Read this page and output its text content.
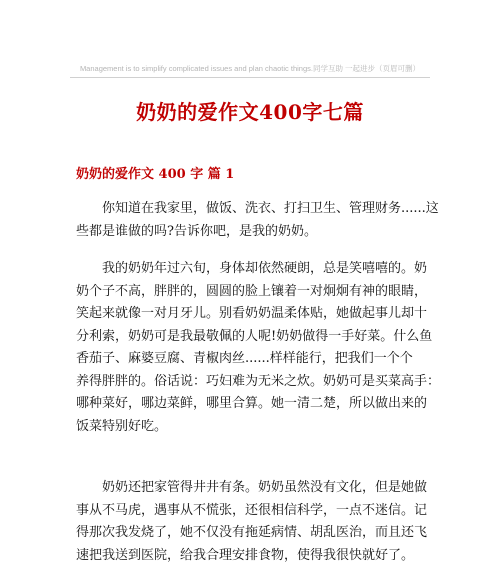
Management is to simplify complicated issues and plan chaotic things.同学互助 一起进步（页眉可删）
奶奶的爱作文400字七篇
奶奶的爱作文 400 字 篇 1
　　你知道在我家里，做饭、洗衣、打扫卫生、管理财务......这
些都是谁做的吗?告诉你吧，是我的奶奶。
　　我的奶奶年过六旬，身体却依然硬朗，总是笑嘻嘻的。奶
奶个子不高，胖胖的，圆圆的脸上镶着一对炯炯有神的眼睛，
笑起来就像一对月牙儿。别看奶奶温柔体贴，她做起事儿却十
分利索，奶奶可是我最敬佩的人呢!奶奶做得一手好菜。什么鱼
香茄子、麻婆豆腐、青椒肉丝......样样能行，把我们一个个
养得胖胖的。俗话说：巧妇难为无米之炊。奶奶可是买菜高手：
哪种菜好，哪边菜鲜，哪里合算。她一清二楚，所以做出来的
饭菜特别好吃。
　　奶奶还把家管得井井有条。奶奶虽然没有文化，但是她做
事从不马虎，遇事从不慌张，还很相信科学，一点不迷信。记
得那次我发烧了，她不仅没有拖延病情、胡乱医治，而且还飞
速把我送到医院，给我合理安排食物，使得我很快就好了。
